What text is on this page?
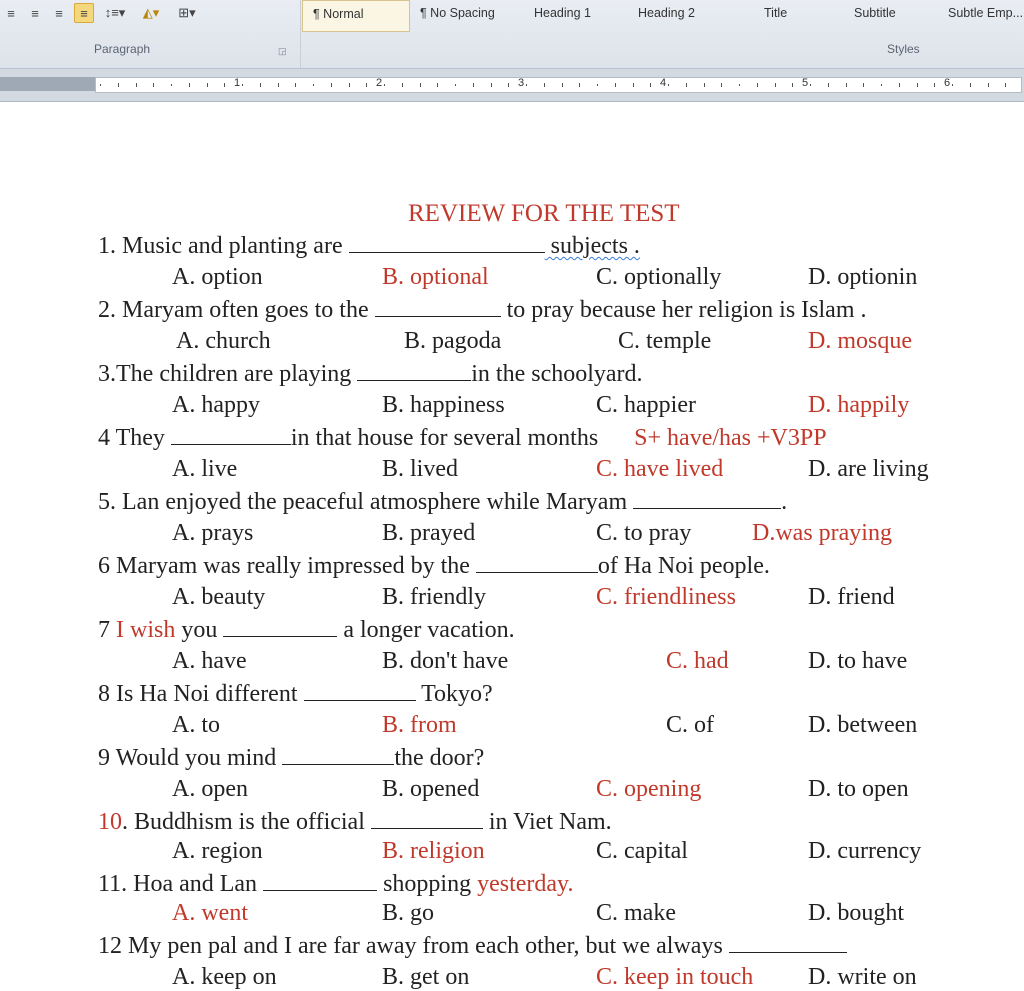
≡	≡	≡	≡	↕≡▾	◭▾	⊞▾
Paragraph	◲
¶ Normal	¶ No Spacing	Heading 1	Heading 2	Title	Subtitle	Subtle Emp...
Styles
1	2	3	4	5	6
REVIEW FOR THE TEST
1. Music and planting are	subjects .
A. option	B. optional	C. optionally	D. optionin
2. Maryam often goes to the	to pray because her religion is Islam .
A. church	B. pagoda	C. temple	D. mosque
3.The children are playing	in the schoolyard.
A. happy	B. happiness	C. happier	D. happily
4 They	in that house for several months S+ have/has +V3PP
A. live	B. lived	C. have lived	D. are living
5. Lan enjoyed the peaceful atmosphere while Maryam	.
A. prays	B. prayed	C. to pray	D.was praying
6 Maryam was really impressed by the	of Ha Noi people.
A. beauty	B. friendly	C. friendliness	D. friend
7 I wish you	a longer vacation.
A. have	B. don't have	C. had	D. to have
8 Is Ha Noi different	Tokyo?
A. to	B. from	C. of	D. between
9 Would you mind	the door?
A. open	B. opened	C. opening	D. to open
10. Buddhism is the official	in Viet Nam.
A. region	B. religion	C. capital	D. currency
11. Hoa and Lan	shopping yesterday.
A. went	B. go	C. make	D. bought
12 My pen pal and I are far away from each other, but we always
A. keep on	B. get on	C. keep in touch D. write on
